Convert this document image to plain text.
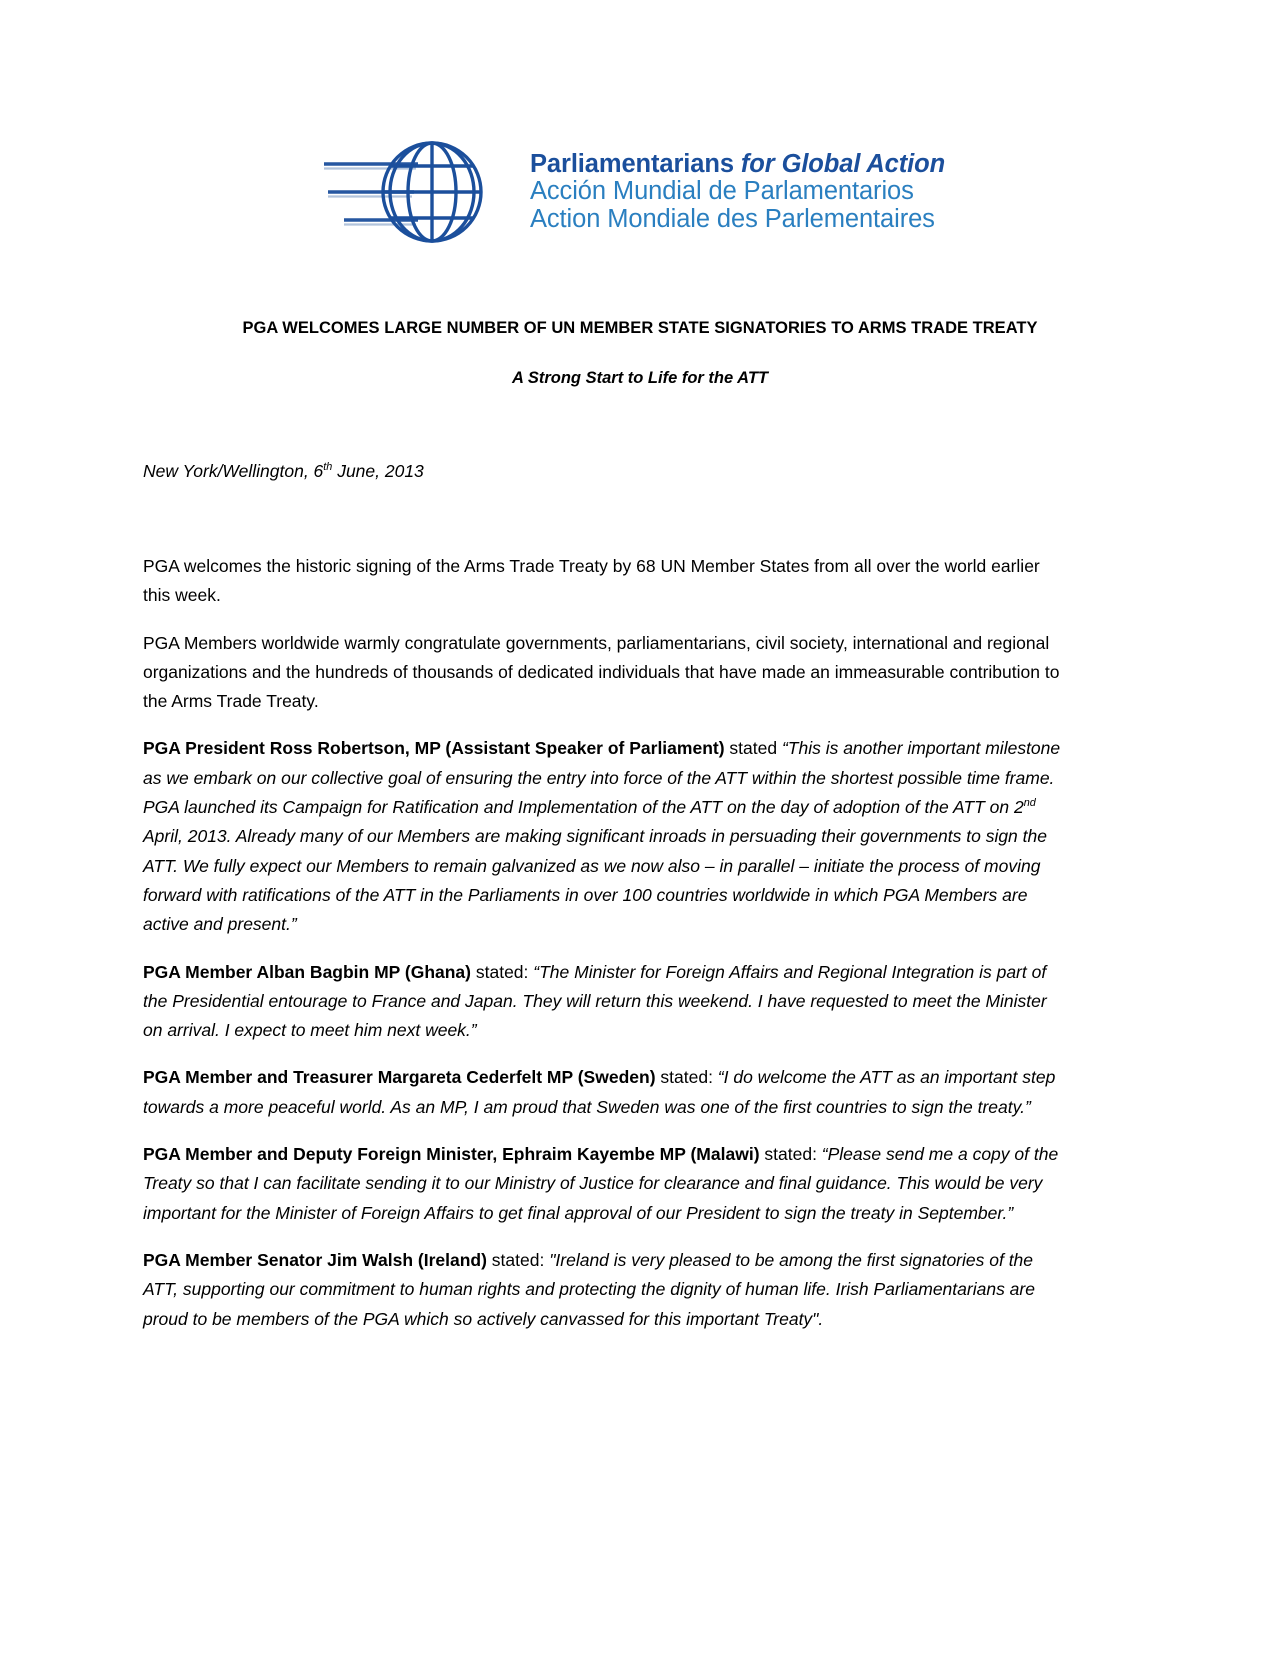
Parliamentarians for Global Action
Acción Mundial de Parlamentarios
Action Mondiale des Parlementaires
PGA WELCOMES LARGE NUMBER OF UN MEMBER STATE SIGNATORIES TO ARMS TRADE TREATY
A Strong Start to Life for the ATT
New York/Wellington, 6th June, 2013

PGA welcomes the historic signing of the Arms Trade Treaty by 68 UN Member States from all over the world earlier this week.

PGA Members worldwide warmly congratulate governments, parliamentarians, civil society, international and regional organizations and the hundreds of thousands of dedicated individuals that have made an immeasurable contribution to the Arms Trade Treaty.

PGA President Ross Robertson, MP (Assistant Speaker of Parliament) stated “This is another important milestone as we embark on our collective goal of ensuring the entry into force of the ATT within the shortest possible time frame. PGA launched its Campaign for Ratification and Implementation of the ATT on the day of adoption of the ATT on 2nd April, 2013. Already many of our Members are making significant inroads in persuading their governments to sign the ATT. We fully expect our Members to remain galvanized as we now also – in parallel – initiate the process of moving forward with ratifications of the ATT in the Parliaments in over 100 countries worldwide in which PGA Members are active and present.”

PGA Member Alban Bagbin MP (Ghana) stated: “The Minister for Foreign Affairs and Regional Integration is part of the Presidential entourage to France and Japan. They will return this weekend. I have requested to meet the Minister on arrival. I expect to meet him next week.”

PGA Member and Treasurer Margareta Cederfelt MP (Sweden) stated: “I do welcome the ATT as an important step towards a more peaceful world. As an MP, I am proud that Sweden was one of the first countries to sign the treaty.”

PGA Member and Deputy Foreign Minister, Ephraim Kayembe MP (Malawi) stated: “Please send me a copy of the Treaty so that I can facilitate sending it to our Ministry of Justice for clearance and final guidance. This would be very important for the Minister of Foreign Affairs to get final approval of our President to sign the treaty in September.”

PGA Member Senator Jim Walsh (Ireland) stated: "Ireland is very pleased to be among the first signatories of the ATT, supporting our commitment to human rights and protecting the dignity of human life. Irish Parliamentarians are proud to be members of the PGA which so actively canvassed for this important Treaty".
